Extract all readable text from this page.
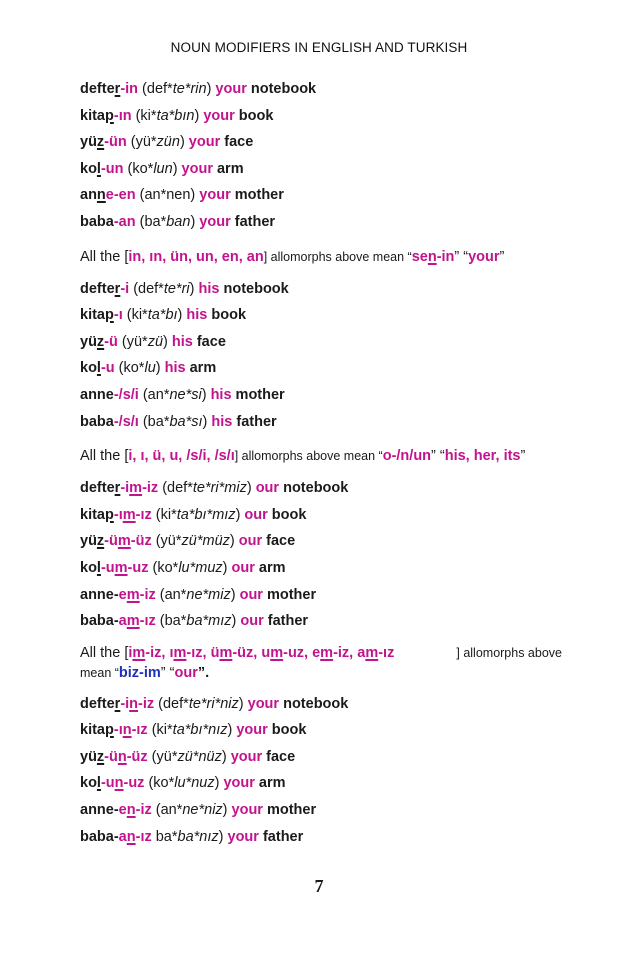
NOUN MODIFIERS IN ENGLISH AND TURKISH
defter-in (def*te*rin) your notebook
kitap-ın (ki*ta*bın) your book
yüz-ün (yü*zün) your face
kol-un (ko*lun) your arm
anne-en (an*nen) your mother
baba-an (ba*ban) your father
All the [in, ın, ün, un, en, an] allomorphs above mean “sen-in” “your”
defter-i (def*te*ri) his notebook
kitap-ı (ki*ta*bı) his book
yüz-ü (yü*zü) his face
kol-u (ko*lu) his arm
anne-/s/i (an*ne*si) his mother
baba-/s/ı (ba*ba*sı) his father
All the [i, ı, ü, u, /s/i, /s/ı] allomorphs above mean “o-/n/un” “his, her, its”
defter-im-iz (def*te*ri*miz) our notebook
kitap-ım-ız (ki*ta*bı*mız) our book
yüz-üm-üz (yü*zü*müz) our face
kol-um-uz (ko*lu*muz) our arm
anne-em-iz (an*ne*miz) our mother
baba-am-ız (ba*ba*mız) our father
All the [im-iz, ım-ız, üm-üz, um-uz, em-iz, am-ız	] allomorphs above
mean “biz-im” “our”.
defter-in-iz (def*te*ri*niz) your notebook
kitap-ın-ız (ki*ta*bı*nız) your book
yüz-ün-üz (yü*zü*nüz) your face
kol-un-uz (ko*lu*nuz) your arm
anne-en-iz (an*ne*niz) your mother
baba-an-ız ba*ba*nız) your father
7
